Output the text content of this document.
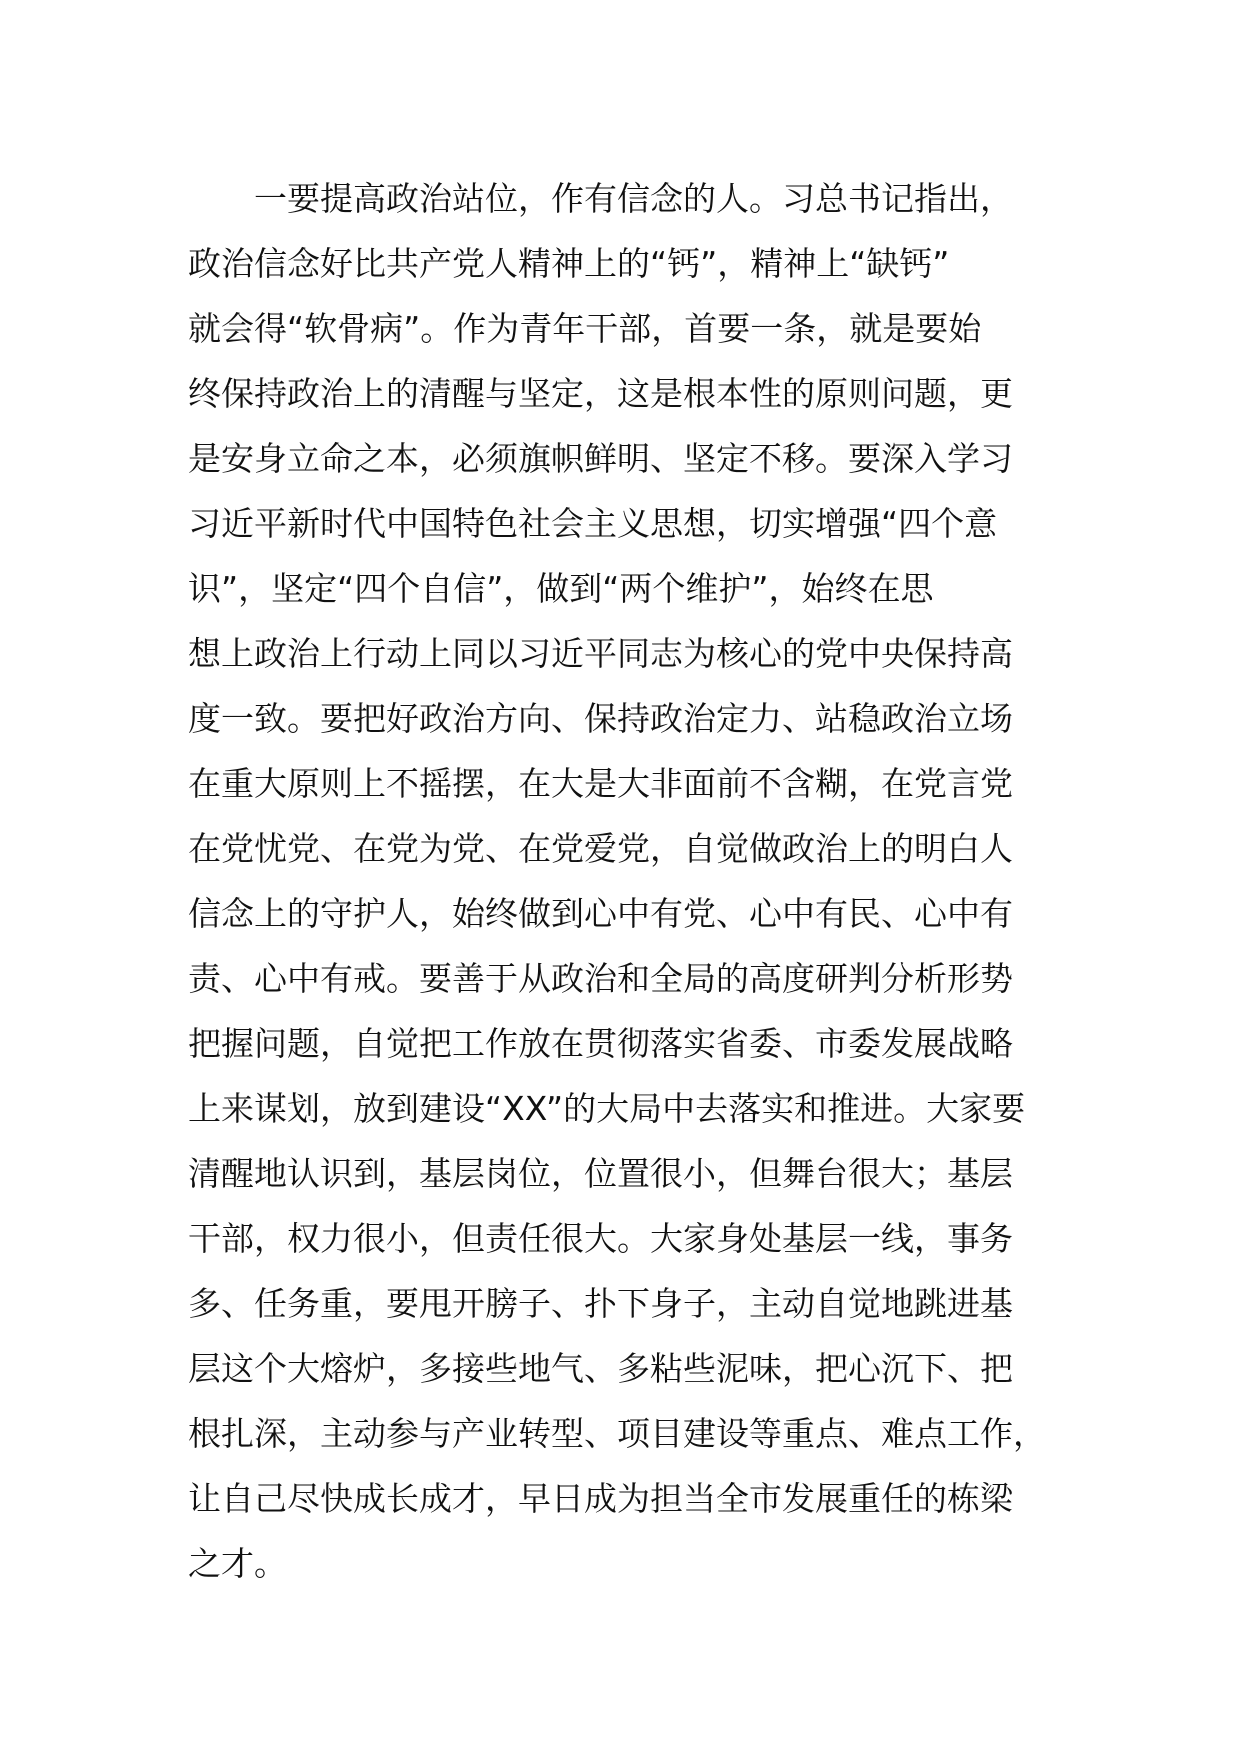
　　一要提高政治站位，作有信念的人。习总书记指出，
政治信念好比共产党人精神上的“钙”，精神上“缺钙”
就会得“软骨病”。作为青年干部，首要一条，就是要始
终保持政治上的清醒与坚定，这是根本性的原则问题，更
是安身立命之本，必须旗帜鲜明、坚定不移。要深入学习
习近平新时代中国特色社会主义思想，切实增强“四个意
识”，坚定“四个自信”，做到“两个维护”，始终在思
想上政治上行动上同以习近平同志为核心的党中央保持高
度一致。要把好政治方向、保持政治定力、站稳政治立场
在重大原则上不摇摆，在大是大非面前不含糊，在党言党
在党忧党、在党为党、在党爱党，自觉做政治上的明白人
信念上的守护人，始终做到心中有党、心中有民、心中有
责、心中有戒。要善于从政治和全局的高度研判分析形势
把握问题，自觉把工作放在贯彻落实省委、市委发展战略
上来谋划，放到建设“XX”的大局中去落实和推进。大家要
清醒地认识到，基层岗位，位置很小，但舞台很大；基层
干部，权力很小，但责任很大。大家身处基层一线，事务
多、任务重，要甩开膀子、扑下身子，主动自觉地跳进基
层这个大熔炉，多接些地气、多粘些泥味，把心沉下、把
根扎深，主动参与产业转型、项目建设等重点、难点工作，
让自己尽快成长成才，早日成为担当全市发展重任的栋梁
之才。
